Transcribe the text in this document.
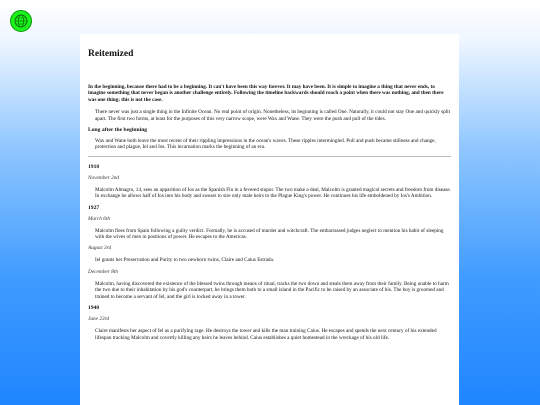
Reitemized

In the beginning, because there had to be a beginning. It can't have been this way forever. It may have been. It is simple to imagine a thing that never ends, to imagine something that never began is another challenge entirely. Following the timeline backwards should reach a point when there was nothing, and then there was one thing; this is not the case.

There never was just a single thing in the Infinite Ocean. No real point of origin. Nonetheless, its beginning is called One. Naturally, it could not stay One and quickly split apart. The first two forms, at least for the purposes of this very narrow scope, were Wax and Wane. They were the push and pull of the tides.

Long after the beginning

Wax and Wane both leave the most recent of their rippling impressions in the ocean's waves. These ripples intermingled. Pull and push became stillness and change, protection and plague, Iel and Ios. This incarnation marks the beginning of an era.

1918
November 2nd

Malcolm Almagro, 14, sees an apparition of Ios as the Spanish Flu in a fevered stupor. The two make a deal, Malcolm is granted magical secrets and freedom from disease. In exchange he allows half of Ios into his body and swears to sire only male heirs to the Plague King's power. He continues his life emboldened by Ios's Ambition.

1927
March 6th

Malcolm flees from Spain following a guilty verdict. Formally, he is accused of murder and witchcraft. The embarrassed judges neglect to mention his habit of sleeping with the wives of men in positions of power. He escapes to the Americas.

August 3rd

Iel grants her Preservation and Purity to two newborn twins, Claire and Caius Estrada.

December 8th

Malcolm, having discovered the existence of the blessed twins through means of ritual, tracks the two down and steals them away from their family. Being unable to harm the two due to their inhabitation by his god's counterpart, he brings them both to a small island in the Pacific to be raised by an associate of his. The boy is groomed and trained to become a servant of Iel, and the girl is locked away in a tower.

1940
June 23rd

Claire manifests her aspect of Iel as a purifying rage. He destroys the tower and kills the man training Caius. He escapes and spends the next century of his extended lifespan tracking Malcolm and covertly killing any heirs he leaves behind. Caius establishes a quiet homestead in the wreckage of his old life.
